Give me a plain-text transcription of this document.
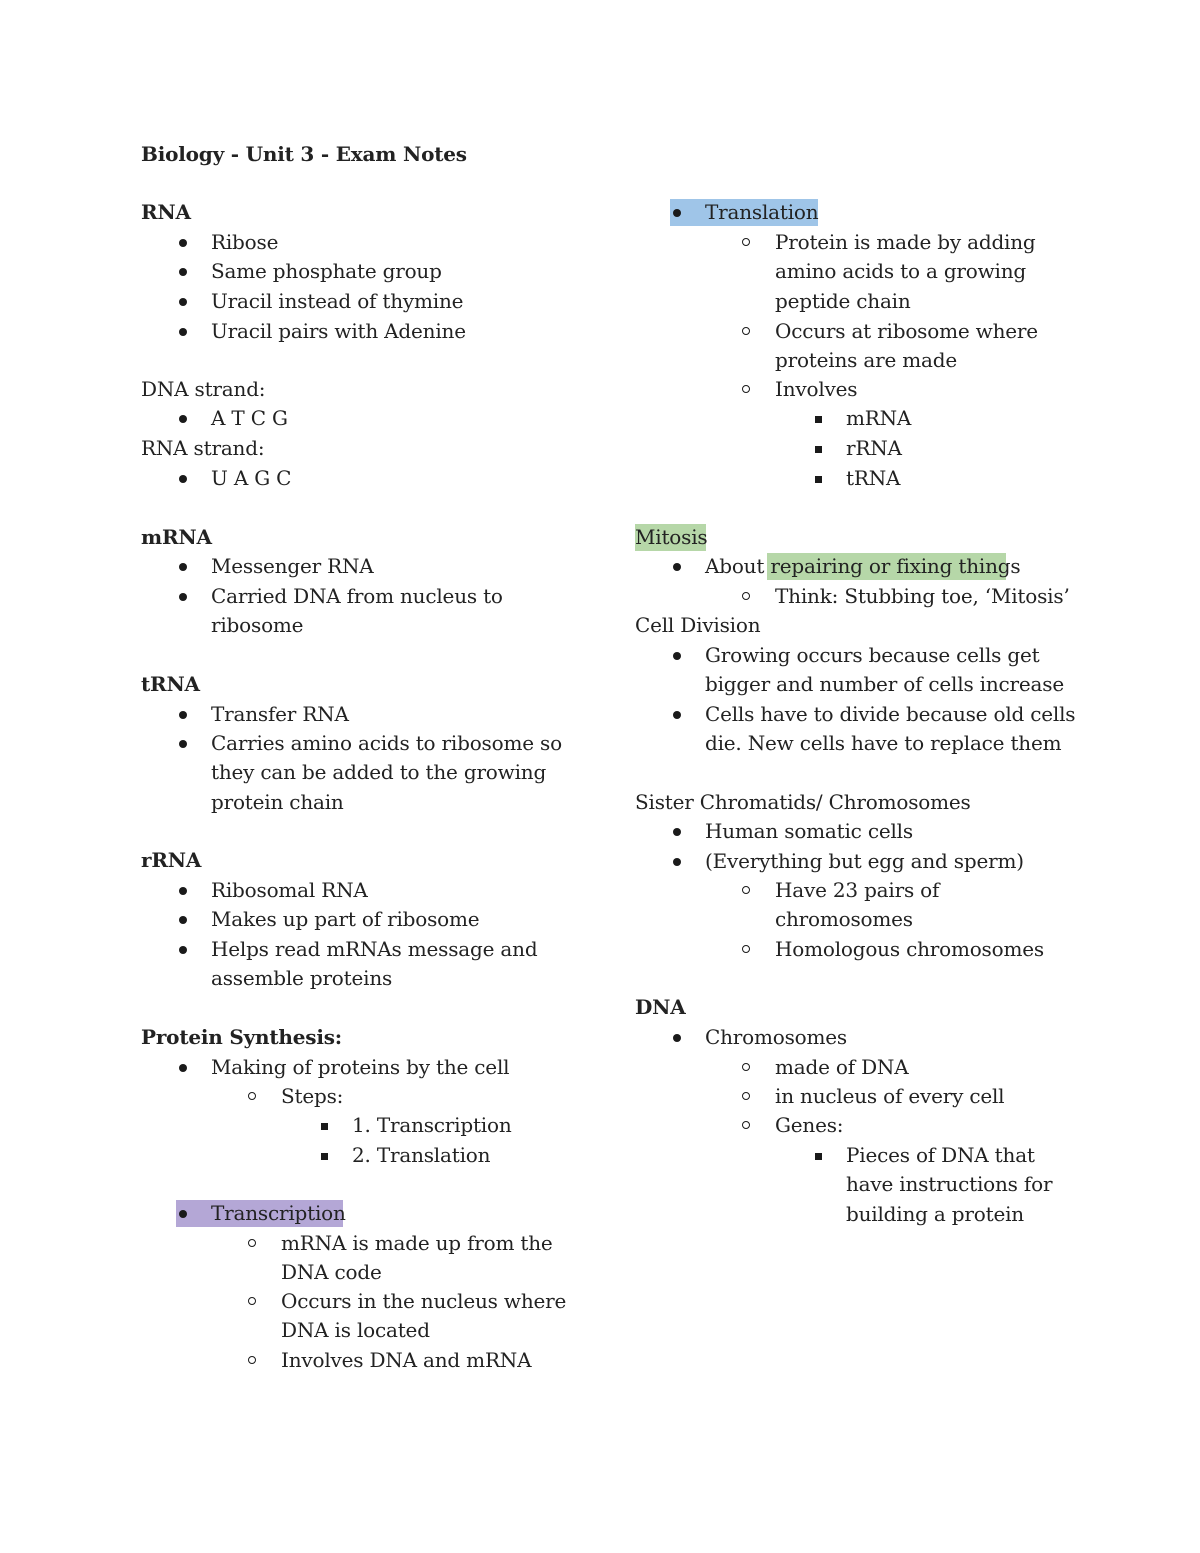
Biology - Unit 3 - Exam Notes
RNA
Ribose
Same phosphate group
Uracil instead of thymine
Uracil pairs with Adenine
DNA strand:
A T C G
RNA strand:
U A G C
mRNA
Messenger RNA
Carried DNA from nucleus to
ribosome
tRNA
Transfer RNA
Carries amino acids to ribosome so
they can be added to the growing
protein chain
rRNA
Ribosomal RNA
Makes up part of ribosome
Helps read mRNAs message and
assemble proteins
Protein Synthesis:
Making of proteins by the cell
Steps:
1. Transcription
2. Translation
Transcription
mRNA is made up from the
DNA code
Occurs in the nucleus where
DNA is located
Involves DNA and mRNA
Translation
Protein is made by adding
amino acids to a growing
peptide chain
Occurs at ribosome where
proteins are made
Involves
mRNA
rRNA
tRNA
Mitosis
About repairing or fixing things
Think: Stubbing toe, ‘Mitosis’
Cell Division
Growing occurs because cells get
bigger and number of cells increase
Cells have to divide because old cells
die. New cells have to replace them
Sister Chromatids/ Chromosomes
Human somatic cells
(Everything but egg and sperm)
Have 23 pairs of
chromosomes
Homologous chromosomes
DNA
Chromosomes
made of DNA
in nucleus of every cell
Genes:
Pieces of DNA that
have instructions for
building a protein
